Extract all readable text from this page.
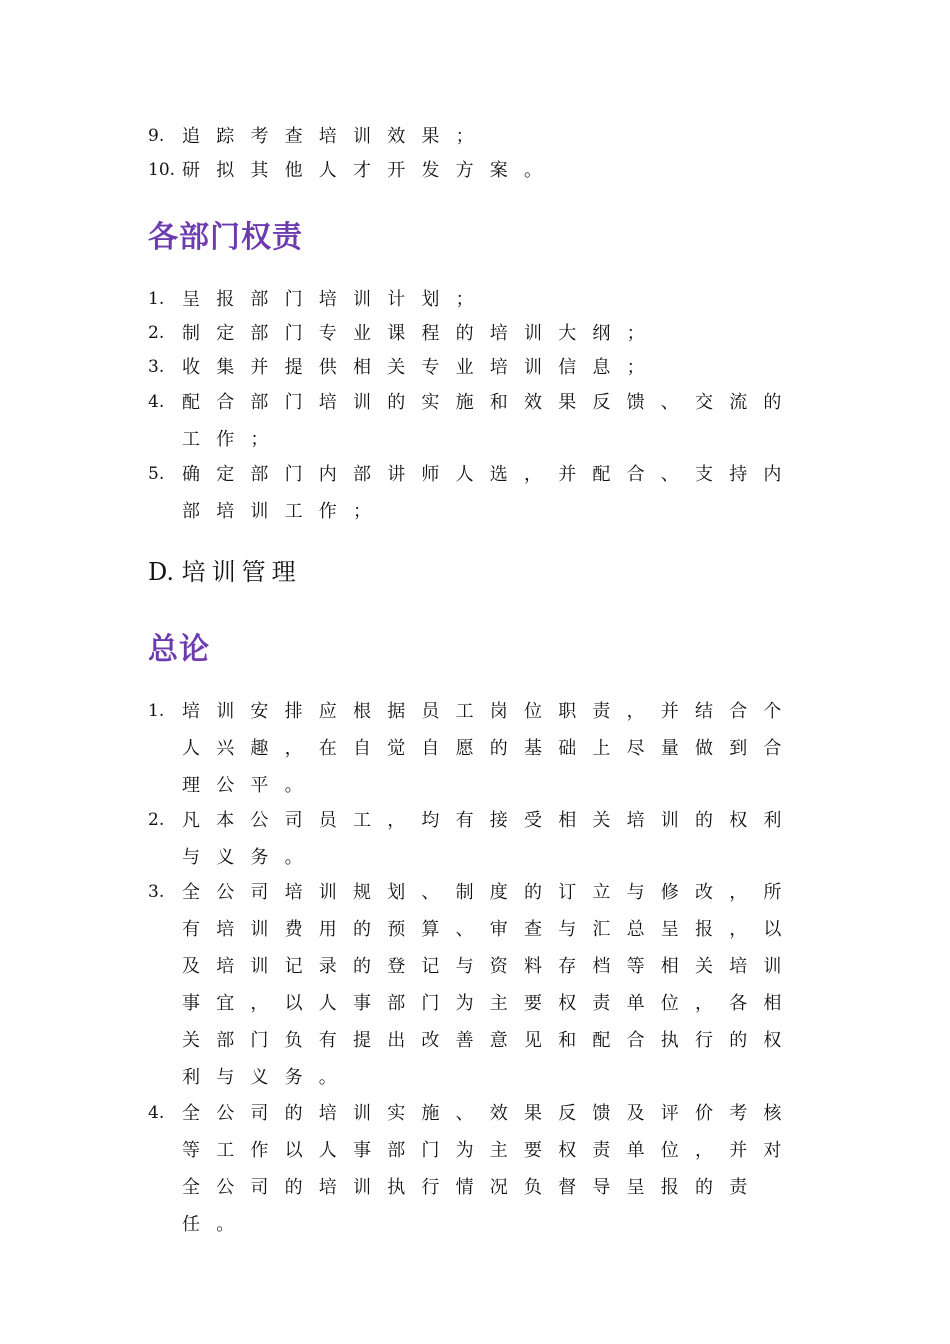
9. 追踪考查培训效果；
10. 研拟其他人才开发方案。
各部门权责
1. 呈报部门培训计划；
2. 制定部门专业课程的培训大纲；
3. 收集并提供相关专业培训信息；
4. 配合部门培训的实施和效果反馈、交流的工作；
5. 确定部门内部讲师人选，并配合、支持内部培训工作；
D. 培训管理
总论
1. 培训安排应根据员工岗位职责，并结合个人兴趣，在自觉自愿的基础上尽量做到合理公平。
2. 凡本公司员工，均有接受相关培训的权利与义务。
3. 全公司培训规划、制度的订立与修改，所有培训费用的预算、审查与汇总呈报，以及培训记录的登记与资料存档等相关培训事宜，以人事部门为主要权责单位，各相关部门负有提出改善意见和配合执行的权利与义务。
4. 全公司的培训实施、效果反馈及评价考核等工作以人事部门为主要权责单位，并对全公司的培训执行情况负督导呈报的责任。
